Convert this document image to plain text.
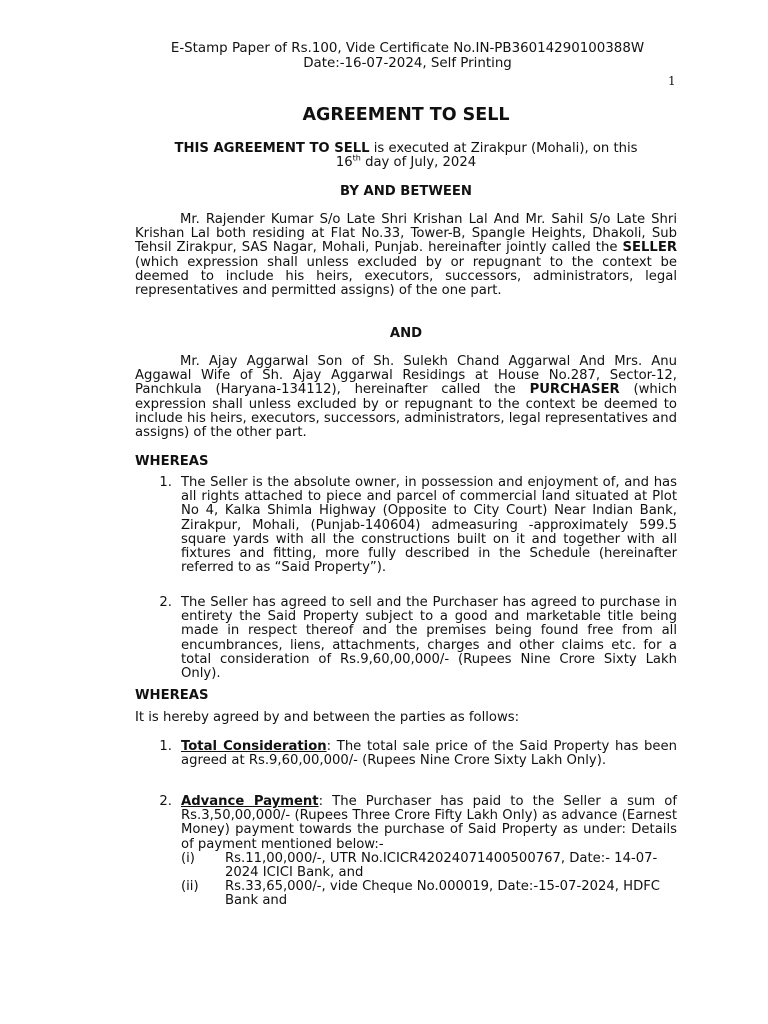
E-Stamp Paper of Rs.100, Vide Certificate No.IN-PB36014290100388W
Date:-16-07-2024, Self Printing
1
AGREEMENT TO SELL
THIS AGREEMENT TO SELL is executed at Zirakpur (Mohali), on this
16th day of July, 2024
BY AND BETWEEN
Mr. Rajender Kumar S/o Late Shri Krishan Lal And Mr. Sahil S/o Late Shri Krishan Lal both residing at Flat No.33, Tower-B, Spangle Heights, Dhakoli, Sub Tehsil Zirakpur, SAS Nagar, Mohali, Punjab. hereinafter jointly called the SELLER (which expression shall unless excluded by or repugnant to the context be deemed to include his heirs, executors, successors, administrators, legal representatives and permitted assigns) of the one part.
AND
Mr. Ajay Aggarwal Son of Sh. Sulekh Chand Aggarwal And Mrs. Anu Aggawal Wife of Sh. Ajay Aggarwal Residings at House No.287, Sector-12, Panchkula (Haryana-134112), hereinafter called the PURCHASER (which expression shall unless excluded by or repugnant to the context be deemed to include his heirs, executors, successors, administrators, legal representatives and assigns) of the other part.
WHEREAS
1. The Seller is the absolute owner, in possession and enjoyment of, and has all rights attached to piece and parcel of commercial land situated at Plot No 4, Kalka Shimla Highway (Opposite to City Court) Near Indian Bank, Zirakpur, Mohali, (Punjab-140604) admeasuring -approximately 599.5 square yards with all the constructions built on it and together with all fixtures and fitting, more fully described in the Schedule (hereinafter referred to as “Said Property”).
2. The Seller has agreed to sell and the Purchaser has agreed to purchase in entirety the Said Property subject to a good and marketable title being made in respect thereof and the premises being found free from all encumbrances, liens, attachments, charges and other claims etc. for a total consideration of Rs.9,60,00,000/- (Rupees Nine Crore Sixty Lakh Only).
WHEREAS
It is hereby agreed by and between the parties as follows:
1. Total Consideration: The total sale price of the Said Property has been agreed at Rs.9,60,00,000/- (Rupees Nine Crore Sixty Lakh Only).
2. Advance Payment: The Purchaser has paid to the Seller a sum of Rs.3,50,00,000/- (Rupees Three Crore Fifty Lakh Only) as advance (Earnest Money) payment towards the purchase of Said Property as under: Details of payment mentioned below:-
(i) Rs.11,00,000/-, UTR No.ICICR42024071400500767, Date:- 14-07-2024 ICICI Bank, and
(ii) Rs.33,65,000/-, vide Cheque No.000019, Date:-15-07-2024, HDFC Bank and
